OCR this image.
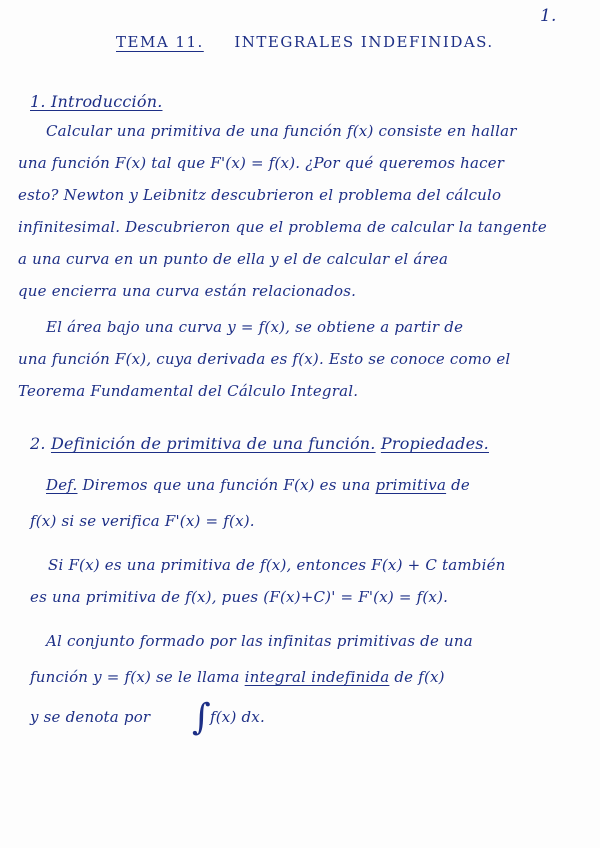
1.
TEMA 11. INTEGRALES INDEFINIDAS.
1. Introducción.
Calcular una primitiva de una función f(x) consiste en hallar
una función F(x) tal que F'(x) = f(x). ¿Por qué queremos hacer
esto? Newton y Leibnitz descubrieron el problema del cálculo
infinitesimal. Descubrieron que el problema de calcular la tangente
a una curva en un punto de ella y el de calcular el área
que encierra una curva están relacionados.
El área bajo una curva y = f(x), se obtiene a partir de
una función F(x), cuya derivada es f(x). Esto se conoce como el
Teorema Fundamental del Cálculo Integral.
2. Definición de primitiva de una función. Propiedades.
Def. Diremos que una función F(x) es una primitiva de
f(x) si se verifica F'(x) = f(x).
Si F(x) es una primitiva de f(x), entonces F(x) + C también
es una primitiva de f(x), pues (F(x)+C)' = F'(x) = f(x).
Al conjunto formado por las infinitas primitivas de una
función y = f(x) se le llama integral indefinida de f(x)
y se denota por ∫ f(x) dx.
